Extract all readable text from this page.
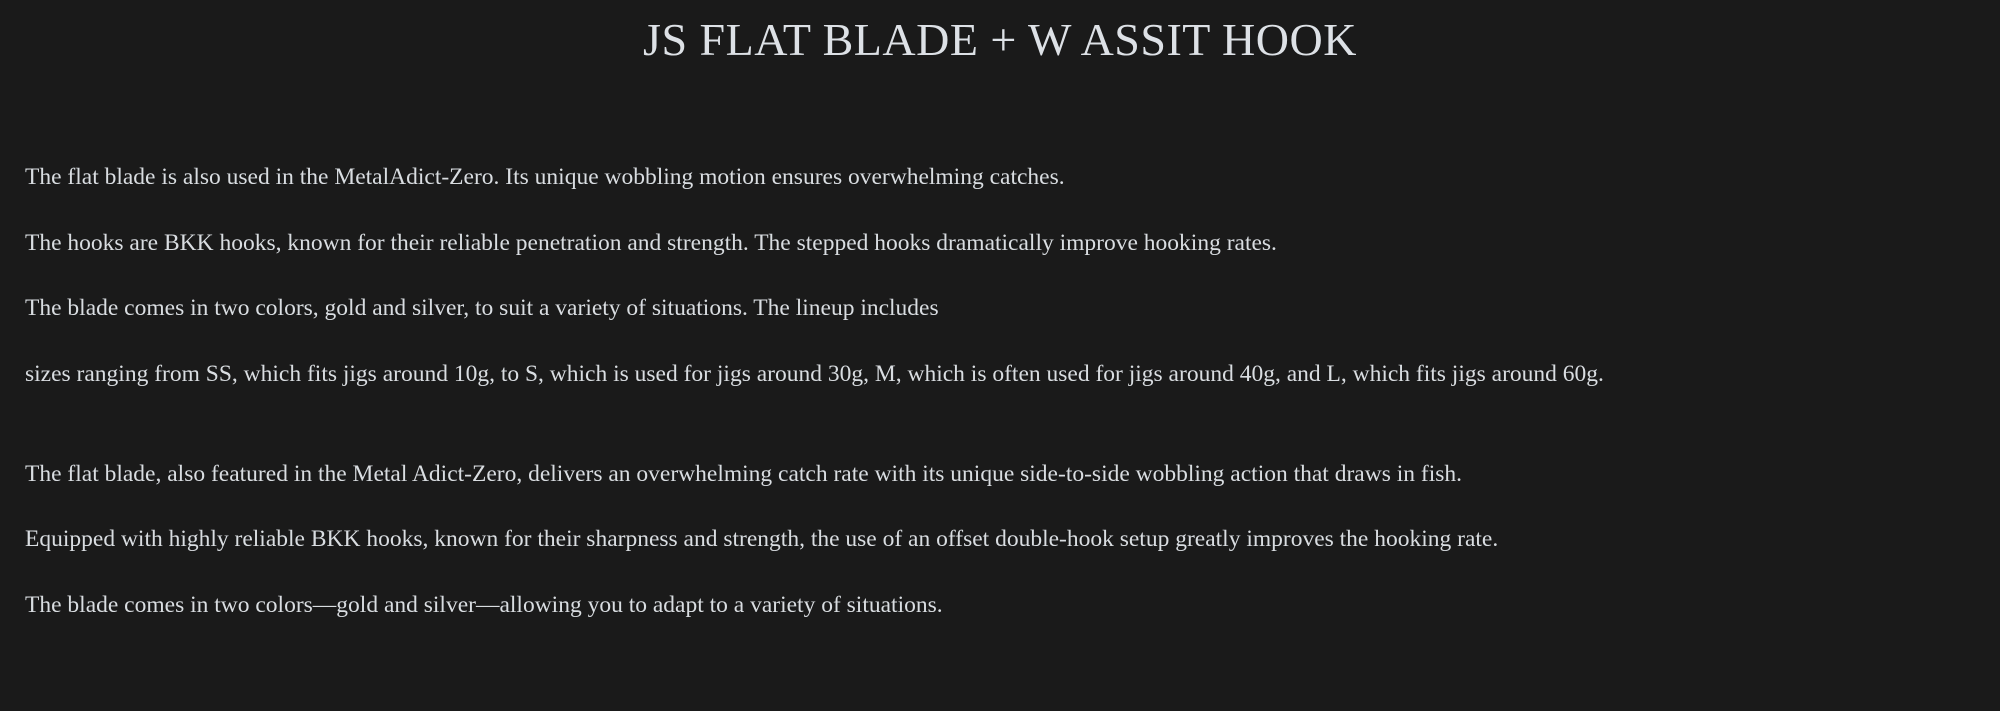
JS FLAT BLADE + W ASSIT HOOK

The flat blade is also used in the MetalAdict-Zero. Its unique wobbling motion ensures overwhelming catches.

The hooks are BKK hooks, known for their reliable penetration and strength. The stepped hooks dramatically improve hooking rates.

The blade comes in two colors, gold and silver, to suit a variety of situations. The lineup includes

sizes ranging from SS, which fits jigs around 10g, to S, which is used for jigs around 30g, M, which is often used for jigs around 40g, and L, which fits jigs around 60g.

The flat blade, also featured in the Metal Adict-Zero, delivers an overwhelming catch rate with its unique side-to-side wobbling action that draws in fish.

Equipped with highly reliable BKK hooks, known for their sharpness and strength, the use of an offset double-hook setup greatly improves the hooking rate.

The blade comes in two colors—gold and silver—allowing you to adapt to a variety of situations.
